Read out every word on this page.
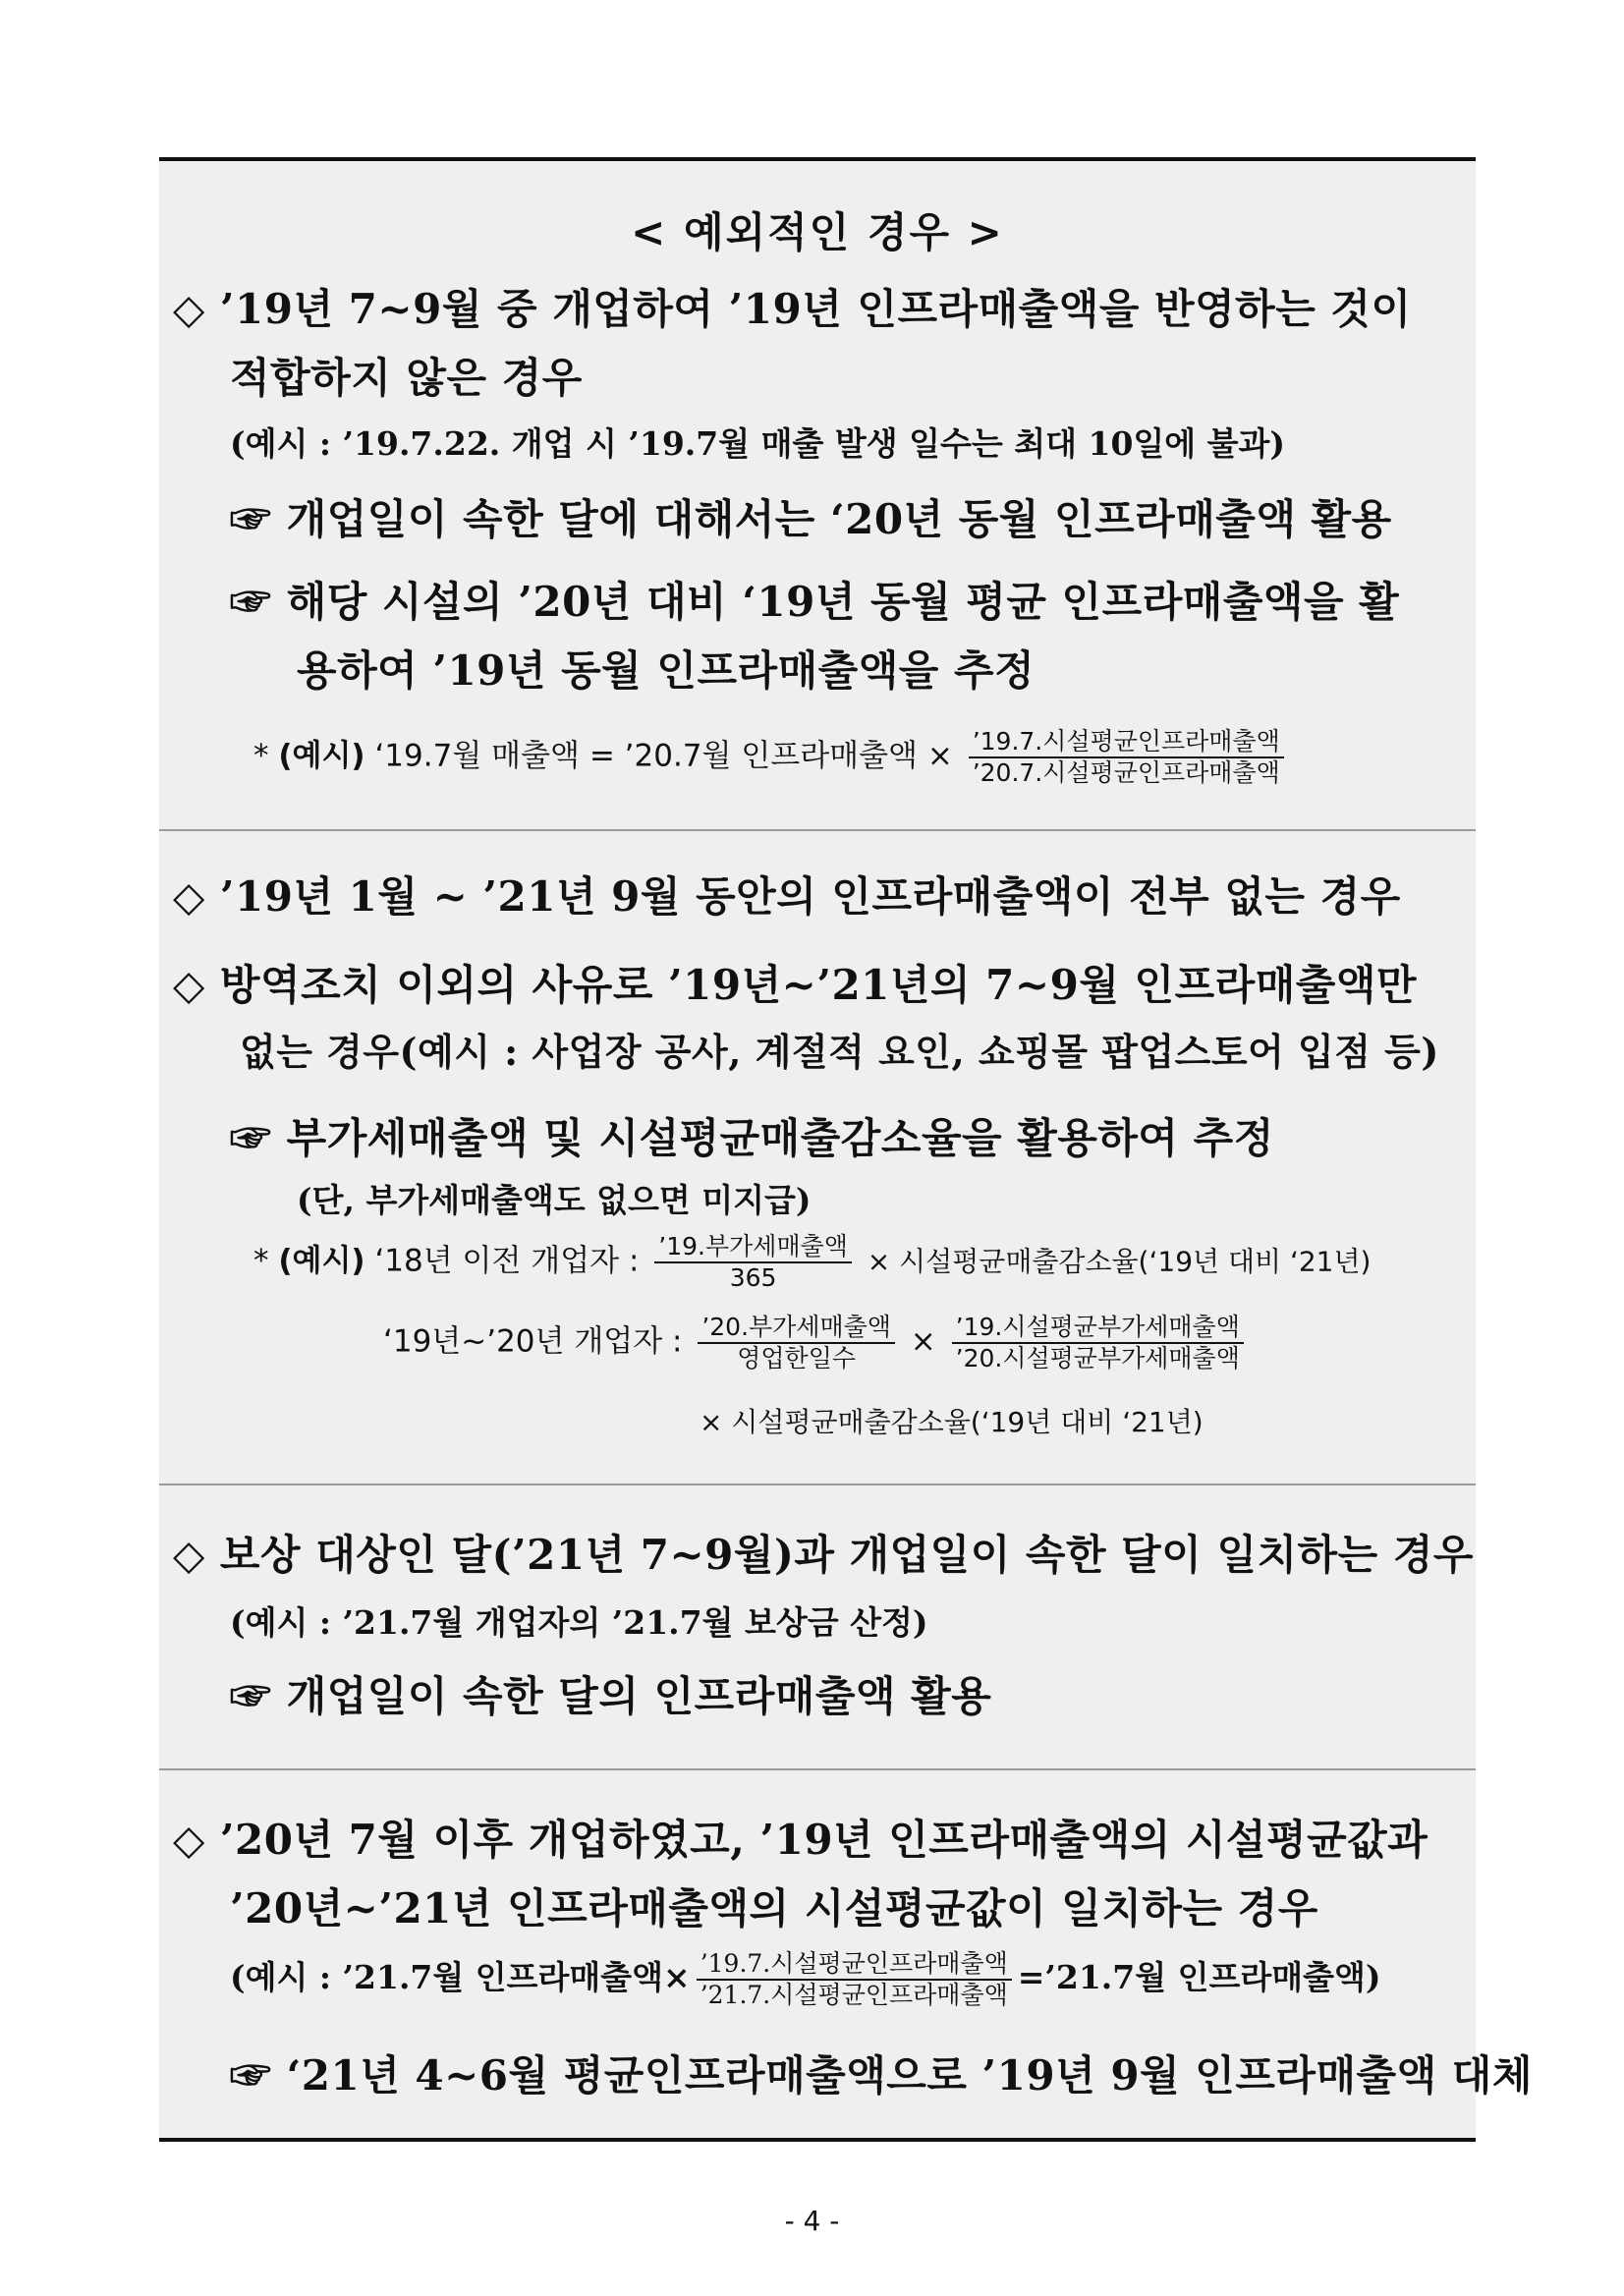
< 예외적인 경우 >
◇ ’19년 7~9월 중 개업하여 ’19년 인프라매출액을 반영하는 것이
적합하지 않은 경우
(예시 : ’19.7.22. 개업 시 ’19.7월 매출 발생 일수는 최대 10일에 불과)
☞ 개업일이 속한 달에 대해서는 ‘20년 동월 인프라매출액 활용
☞ 해당 시설의 ’20년 대비 ‘19년 동월 평균 인프라매출액을 활
용하여 ’19년 동월 인프라매출액을 추정
* (예시) ‘19.7월 매출액 = ’20.7월 인프라매출액 × $\frac{\text{’19.7.시설평균인프라매출액}}{\text{’20.7.시설평균인프라매출액}}$
◇ ’19년 1월 ~ ’21년 9월 동안의 인프라매출액이 전부 없는 경우
◇ 방역조치 이외의 사유로 ’19년~’21년의 7~9월 인프라매출액만
없는 경우(예시 : 사업장 공사, 계절적 요인, 쇼핑몰 팝업스토어 입점 등)
☞ 부가세매출액 및 시설평균매출감소율을 활용하여 추정
(단, 부가세매출액도 없으면 미지급)
* (예시) ‘18년 이전 개업자 : $\frac{\text{’19.부가세매출액}}{365}$ × 시설평균매출감소율(‘19년 대비 ‘21년)
‘19년~’20년 개업자 : $\frac{\text{’20.부가세매출액}}{\text{영업한일수}} \times \frac{\text{’19.시설평균부가세매출액}}{\text{’20.시설평균부가세매출액}}$
× 시설평균매출감소율(‘19년 대비 ‘21년)
◇ 보상 대상인 달(’21년 7~9월)과 개업일이 속한 달이 일치하는 경우
(예시 : ’21.7월 개업자의 ’21.7월 보상금 산정)
☞ 개업일이 속한 달의 인프라매출액 활용
◇ ’20년 7월 이후 개업하였고, ’19년 인프라매출액의 시설평균값과
’20년~’21년 인프라매출액의 시설평균값이 일치하는 경우
(예시 : ’21.7월 인프라매출액× $\frac{\text{’19.7.시설평균인프라매출액}}{\text{’21.7.시설평균인프라매출액}}$ =’21.7월 인프라매출액)
☞ ‘21년 4~6월 평균인프라매출액으로 ’19년 9월 인프라매출액 대체
- 4 -
